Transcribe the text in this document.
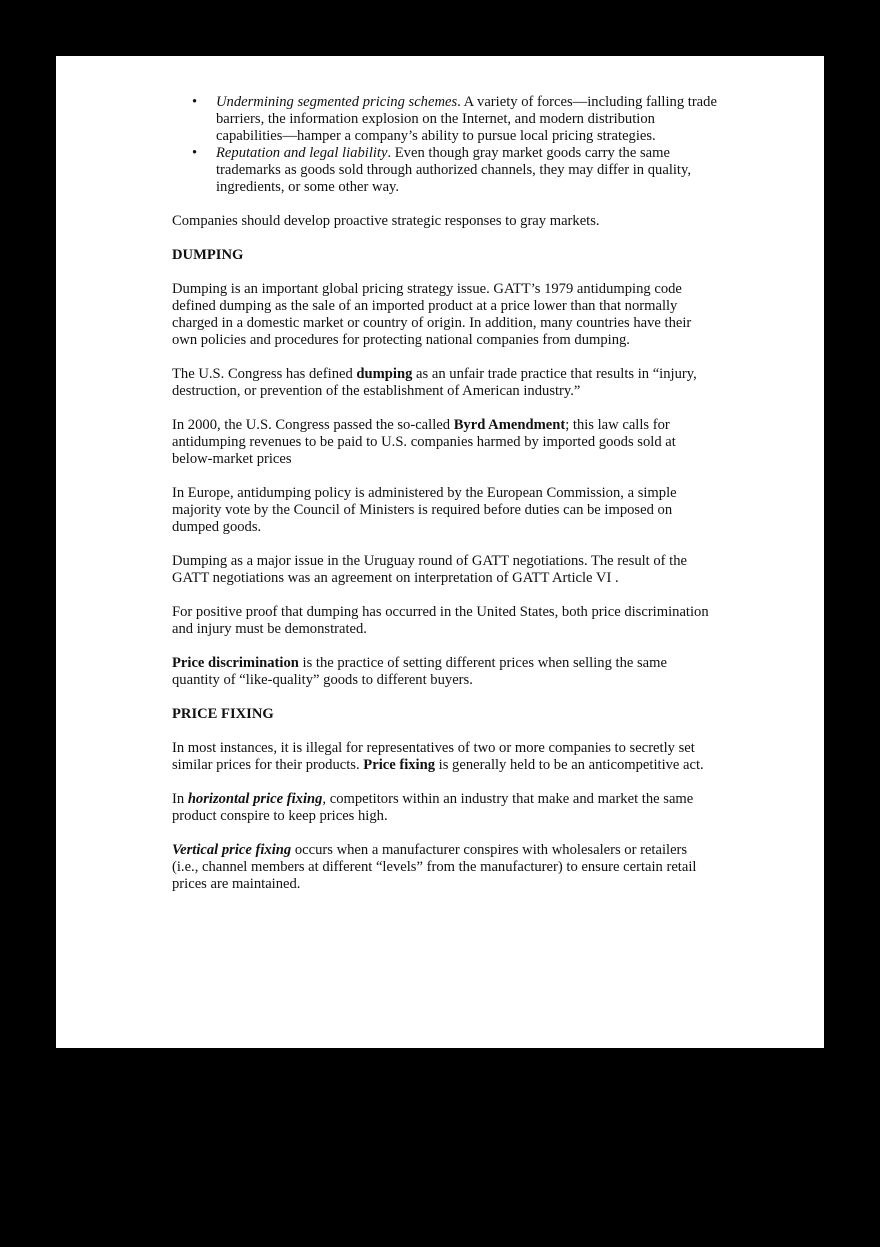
• Undermining segmented pricing schemes. A variety of forces—including falling trade barriers, the information explosion on the Internet, and modern distribution capabilities—hamper a company’s ability to pursue local pricing strategies.
• Reputation and legal liability. Even though gray market goods carry the same trademarks as goods sold through authorized channels, they may differ in quality, ingredients, or some other way.

Companies should develop proactive strategic responses to gray markets.

DUMPING

Dumping is an important global pricing strategy issue. GATT’s 1979 antidumping code defined dumping as the sale of an imported product at a price lower than that normally charged in a domestic market or country of origin. In addition, many countries have their own policies and procedures for protecting national companies from dumping.

The U.S. Congress has defined dumping as an unfair trade practice that results in “injury, destruction, or prevention of the establishment of American industry.”

In 2000, the U.S. Congress passed the so-called Byrd Amendment; this law calls for antidumping revenues to be paid to U.S. companies harmed by imported goods sold at below-market prices

In Europe, antidumping policy is administered by the European Commission, a simple majority vote by the Council of Ministers is required before duties can be imposed on dumped goods.

Dumping as a major issue in the Uruguay round of GATT negotiations. The result of the GATT negotiations was an agreement on interpretation of GATT Article VI .

For positive proof that dumping has occurred in the United States, both price discrimination and injury must be demonstrated.

Price discrimination is the practice of setting different prices when selling the same quantity of “like-quality” goods to different buyers.

PRICE FIXING

In most instances, it is illegal for representatives of two or more companies to secretly set similar prices for their products. Price fixing is generally held to be an anticompetitive act.

In horizontal price fixing, competitors within an industry that make and market the same product conspire to keep prices high.

Vertical price fixing occurs when a manufacturer conspires with wholesalers or retailers (i.e., channel members at different “levels” from the manufacturer) to ensure certain retail prices are maintained.
